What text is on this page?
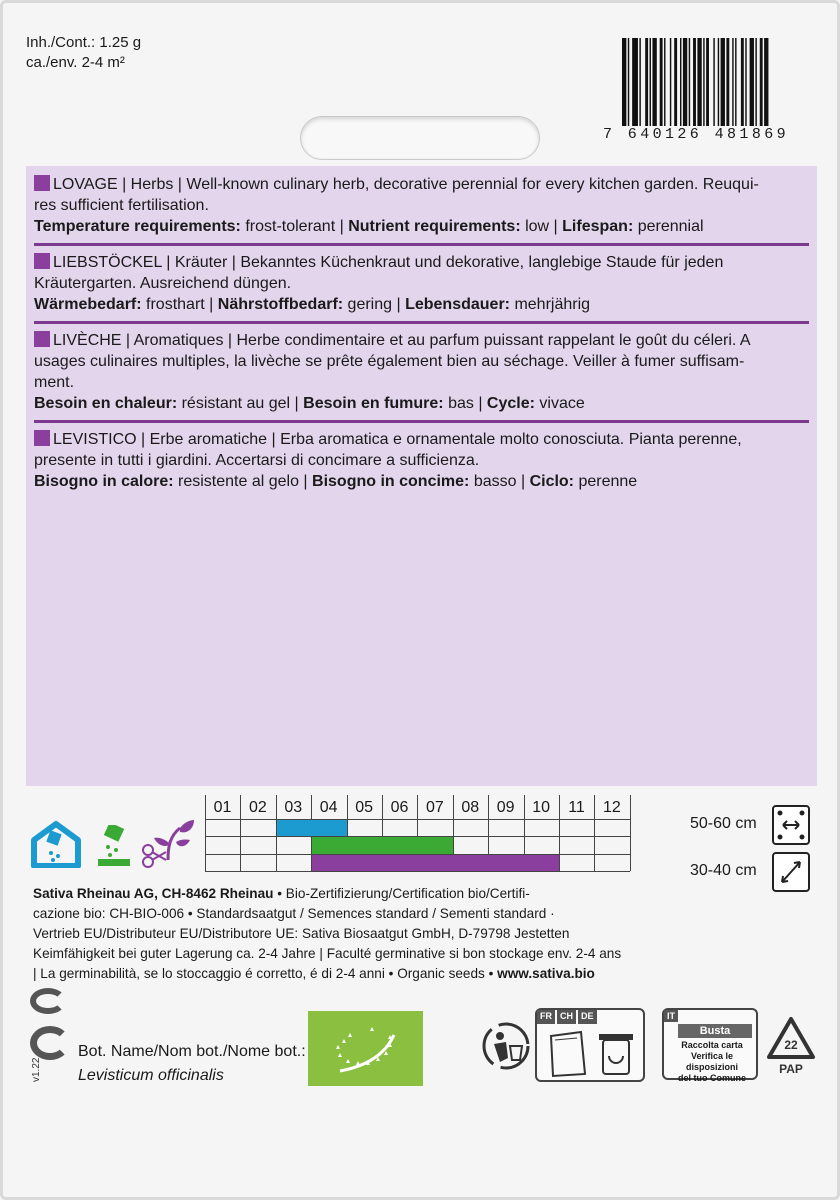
Inh./Cont.: 1.25 g
ca./env. 2-4 m²
7 640126 481869
LOVAGE | Herbs | Well-known culinary herb, decorative perennial for every kitchen garden. Reuqui-
res sufficient fertilisation.
Temperature requirements: frost-tolerant | Nutrient requirements: low | Lifespan: perennial
LIEBSTÖCKEL | Kräuter | Bekanntes Küchenkraut und dekorative, langlebige Staude für jeden
Kräutergarten. Ausreichend düngen.
Wärmebedarf: frosthart | Nährstoffbedarf: gering | Lebensdauer: mehrjährig
LIVÈCHE | Aromatiques | Herbe condimentaire et au parfum puissant rappelant le goût du céleri. A
usages culinaires multiples, la livèche se prête également bien au séchage. Veiller à fumer suffisam-
ment.
Besoin en chaleur: résistant au gel | Besoin en fumure: bas | Cycle: vivace
LEVISTICO | Erbe aromatiche | Erba aromatica e ornamentale molto conosciuta. Pianta perenne,
presente in tutti i giardini. Accertarsi di concimare a sufficienza.
Bisogno in calore: resistente al gelo | Bisogno in concime: basso | Ciclo: perenne
01	02	03	04	05	06	07	08	09	10	11	12
50-60 cm
30-40 cm
Sativa Rheinau AG, CH-8462 Rheinau • Bio-Zertifizierung/Certification bio/Certifi-
cazione bio: CH-BIO-006 • Standardsaatgut / Semences standard / Sementi standard ·
Vertrieb EU/Distributeur EU/Distributore UE: Sativa Biosaatgut GmbH, D-79798 Jestetten
Keimfähigkeit bei guter Lagerung ca. 2-4 Jahre | Faculté germinative si bon stockage env. 2-4 ans
| La germinabilità, se lo stoccaggio é corretto, é di 2-4 anni • Organic seeds • www.sativa.bio
v1.22
Bot. Name/Nom bot./Nome bot.:
Levisticum officinalis
FR CH DE	IT
Busta
Raccolta carta
Verifica le disposizioni
del tuo Comune
22
PAP
